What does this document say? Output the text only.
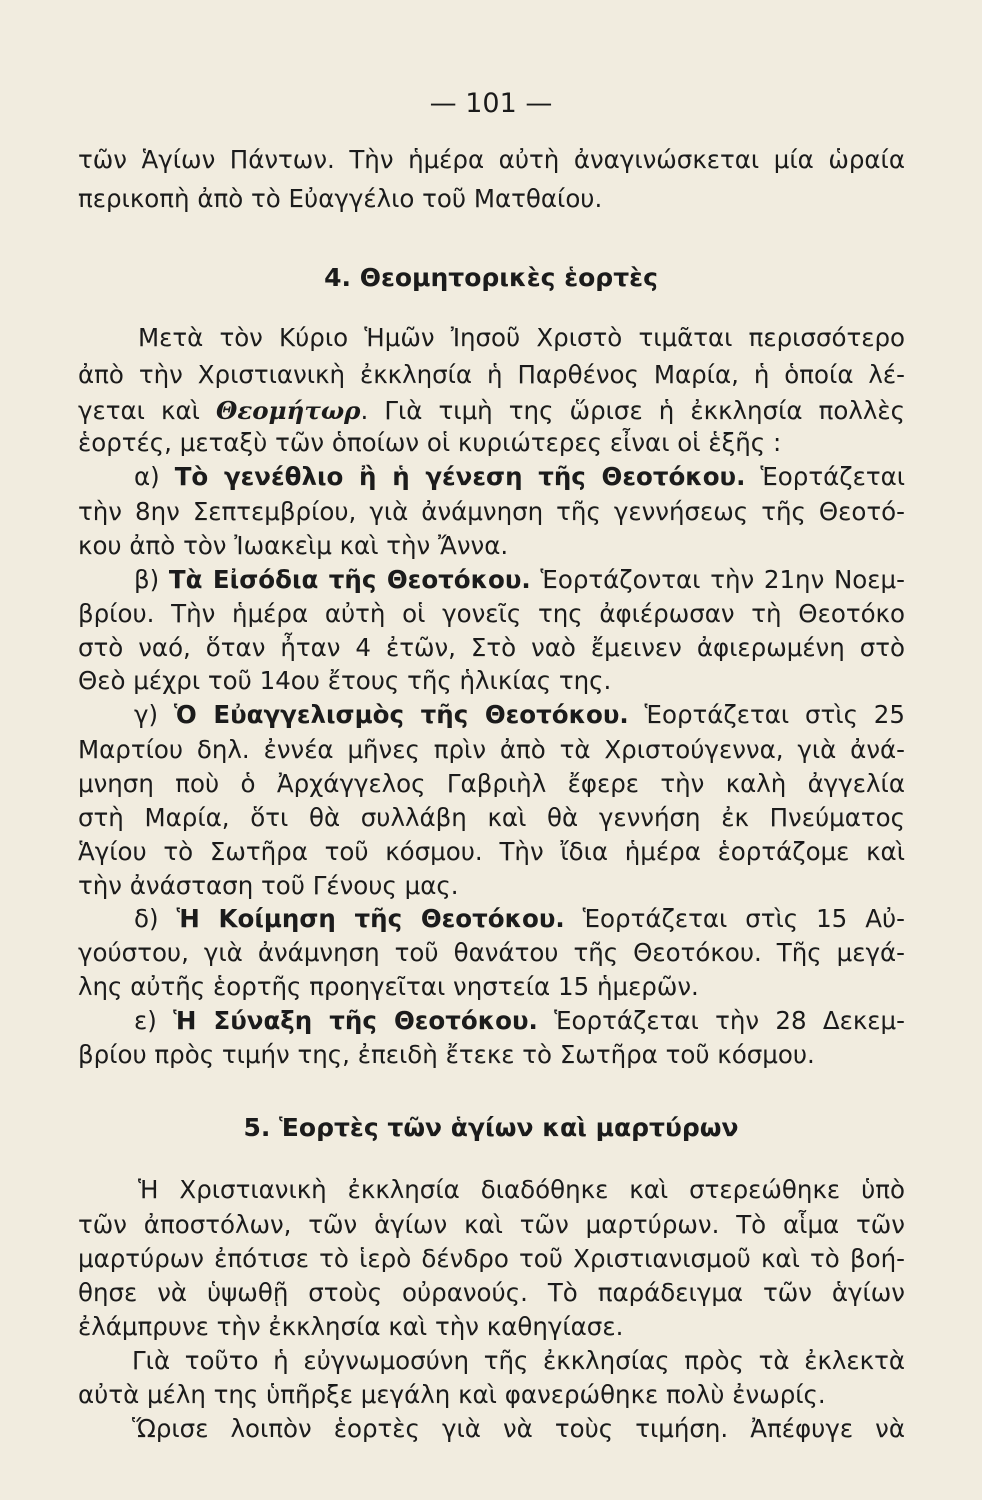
— 101 —
τῶν Ἁγίων Πάντων. Τὴν ἡμέρα αὐτὴ ἀναγινώσκεται μία ὡραία
περικοπὴ ἀπὸ τὸ Εὐαγγέλιο τοῦ Ματθαίου.
4. Θεομητορικὲς ἑορτὲς
Μετὰ τὸν Κύριο Ἡμῶν Ἰησοῦ Χριστὸ τιμᾶται περισσότερο
ἀπὸ τὴν Χριστιανικὴ ἐκκλησία ἡ Παρθένος Μαρία, ἡ ὁποία λέ-
γεται καὶ Θεομήτωρ. Γιὰ τιμὴ της ὥρισε ἡ ἐκκλησία πολλὲς
ἑορτές, μεταξὺ τῶν ὁποίων οἱ κυριώτερες εἶναι οἱ ἑξῆς :
α) Τὸ γενέθλιο ἢ ἡ γένεση τῆς Θεοτόκου. Ἑορτάζεται
τὴν 8ην Σεπτεμβρίου, γιὰ ἀνάμνηση τῆς γεννήσεως τῆς Θεοτό-
κου ἀπὸ τὸν Ἰωακεὶμ καὶ τὴν Ἄννα.
β) Τὰ Εἰσόδια τῆς Θεοτόκου. Ἑορτάζονται τὴν 21ην Νοεμ-
βρίου. Τὴν ἡμέρα αὐτὴ οἱ γονεῖς της ἀφιέρωσαν τὴ Θεοτόκο
στὸ ναό, ὅταν ἦταν 4 ἐτῶν, Στὸ ναὸ ἔμεινεν ἀφιερωμένη στὸ
Θεὸ μέχρι τοῦ 14ου ἔτους τῆς ἡλικίας της.
γ) Ὁ Εὐαγγελισμὸς τῆς Θεοτόκου. Ἑορτάζεται στὶς 25
Μαρτίου δηλ. ἐννέα μῆνες πρὶν ἀπὸ τὰ Χριστούγεννα, γιὰ ἀνά-
μνηση ποὺ ὁ Ἀρχάγγελος Γαβριὴλ ἔφερε τὴν καλὴ ἀγγελία
στὴ Μαρία, ὅτι θὰ συλλάβη καὶ θὰ γεννήση ἐκ Πνεύματος
Ἁγίου τὸ Σωτῆρα τοῦ κόσμου. Τὴν ἴδια ἡμέρα ἑορτάζομε καὶ
τὴν ἀνάσταση τοῦ Γένους μας.
δ) Ἡ Κοίμηση τῆς Θεοτόκου. Ἑορτάζεται στὶς 15 Αὐ-
γούστου, γιὰ ἀνάμνηση τοῦ θανάτου τῆς Θεοτόκου. Τῆς μεγά-
λης αὐτῆς ἑορτῆς προηγεῖται νηστεία 15 ἡμερῶν.
ε) Ἡ Σύναξη τῆς Θεοτόκου. Ἑορτάζεται τὴν 28 Δεκεμ-
βρίου πρὸς τιμήν της, ἐπειδὴ ἔτεκε τὸ Σωτῆρα τοῦ κόσμου.
5. Ἑορτὲς τῶν ἁγίων καὶ μαρτύρων
Ἡ Χριστιανικὴ ἐκκλησία διαδόθηκε καὶ στερεώθηκε ὑπὸ
τῶν ἀποστόλων, τῶν ἁγίων καὶ τῶν μαρτύρων. Τὸ αἷμα τῶν
μαρτύρων ἐπότισε τὸ ἱερὸ δένδρο τοῦ Χριστιανισμοῦ καὶ τὸ βοή-
θησε νὰ ὑψωθῇ στοὺς οὐρανούς. Τὸ παράδειγμα τῶν ἁγίων
ἐλάμπρυνε τὴν ἐκκλησία καὶ τὴν καθηγίασε.
Γιὰ τοῦτο ἡ εὐγνωμοσύνη τῆς ἐκκλησίας πρὸς τὰ ἐκλεκτὰ
αὐτὰ μέλη της ὑπῆρξε μεγάλη καὶ φανερώθηκε πολὺ ἐνωρίς.
Ὥρισε λοιπὸν ἑορτὲς γιὰ νὰ τοὺς τιμήση. Ἀπέφυγε νὰ
